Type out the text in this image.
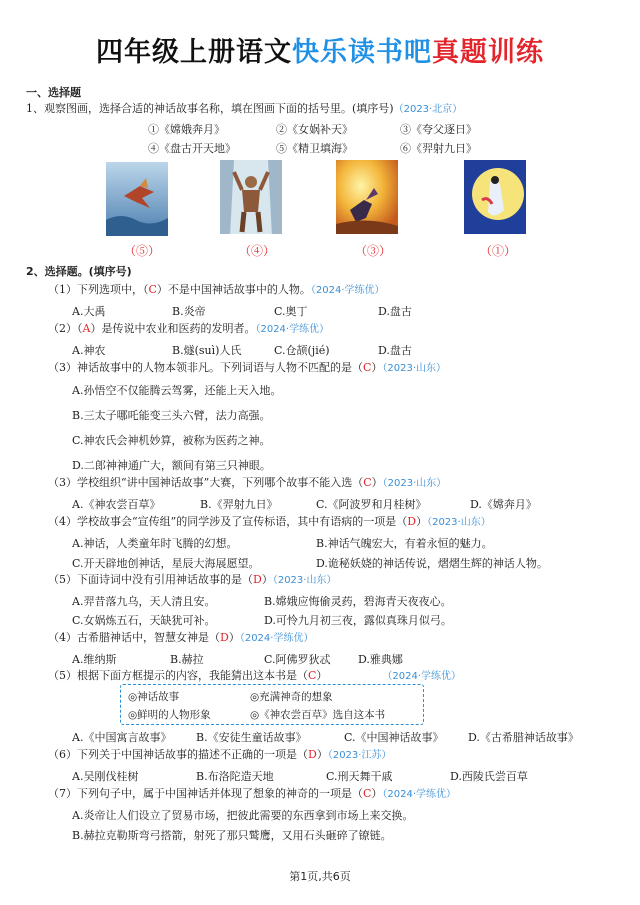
四年级上册语文快乐读书吧真题训练
一、选择题
1、观察图画，选择合适的神话故事名称，填在图画下面的括号里。(填序号)（2023·北京）
①《嫦娥奔月》	②《女娲补天》	③《夸父逐日》
④《盘古开天地》	⑤《精卫填海》	⑥《羿射九日》
（⑤）	（④）	（③）	（①）
2、选择题。(填序号)
（1）下列选项中，（C）不是中国神话故事中的人物。（2024·学练优）
A.大禹	B.炎帝	C.奥丁	D.盘古
（2）（A）是传说中农业和医药的发明者。（2024·学练优）
A.神农	B.燧(suì)人氏	C.仓颉(jié)	D.盘古
（3）神话故事中的人物本领非凡。下列词语与人物不匹配的是（C）（2023·山东）
A.孙悟空不仅能腾云驾雾，还能上天入地。
B.三太子哪吒能变三头六臂，法力高强。
C.神农氏会神机妙算，被称为医药之神。
D.二郎神神通广大，额间有第三只神眼。
（3）学校组织“讲中国神话故事”大赛，下列哪个故事不能入选（C）（2023·山东）
A.《神农尝百草》	B.《羿射九日》	C.《阿波罗和月桂树》	D.《嫦奔月》
（4）学校故事会“宣传组”的同学涉及了宣传标语，其中有语病的一项是（D）（2023·山东）
A.神话，人类童年时飞腾的幻想。	B.神话气魄宏大，有着永恒的魅力。
C.开天辟地创神话，星辰大海展愿望。	D.诡秘妖娆的神话传说，熠熠生辉的神话人物。
（5）下面诗词中没有引用神话故事的是（D）（2023·山东）
A.羿昔落九乌，天人清且安。	B.嫦娥应悔偷灵药，碧海青天夜夜心。
C.女娲炼五石，天缺犹可补。	D.可怜九月初三夜，露似真珠月似弓。
（4）古希腊神话中，智慧女神是（D）（2024·学练优）
A.维纳斯	B.赫拉	C.阿佛罗狄忒 D.雅典娜
（5）根据下面方框提示的内容，我能猜出这本书是（C）	（2024·学练优）
◎神话故事	◎充满神奇的想象
◎鲜明的人物形象	◎《神农尝百草》选自这本书
A.《中国寓言故事》 B.《安徒生童话故事》	C.《中国神话故事》 D.《古希腊神话故事》
（6）下列关于中国神话故事的描述不正确的一项是（D）（2023·江苏）
A.吴刚伐桂树	B.布洛陀造天地	C.刑天舞干戚	D.西陵氏尝百草
（7）下列句子中，属于中国神话并体现了想象的神奇的一项是（C）（2024·学练优）
A.炎帝让人们设立了贸易市场，把彼此需要的东西拿到市场上来交换。
B.赫拉克勒斯弯弓搭箭，射死了那只鹫鹰，又用石头砸碎了镣链。
第1页,共6页
